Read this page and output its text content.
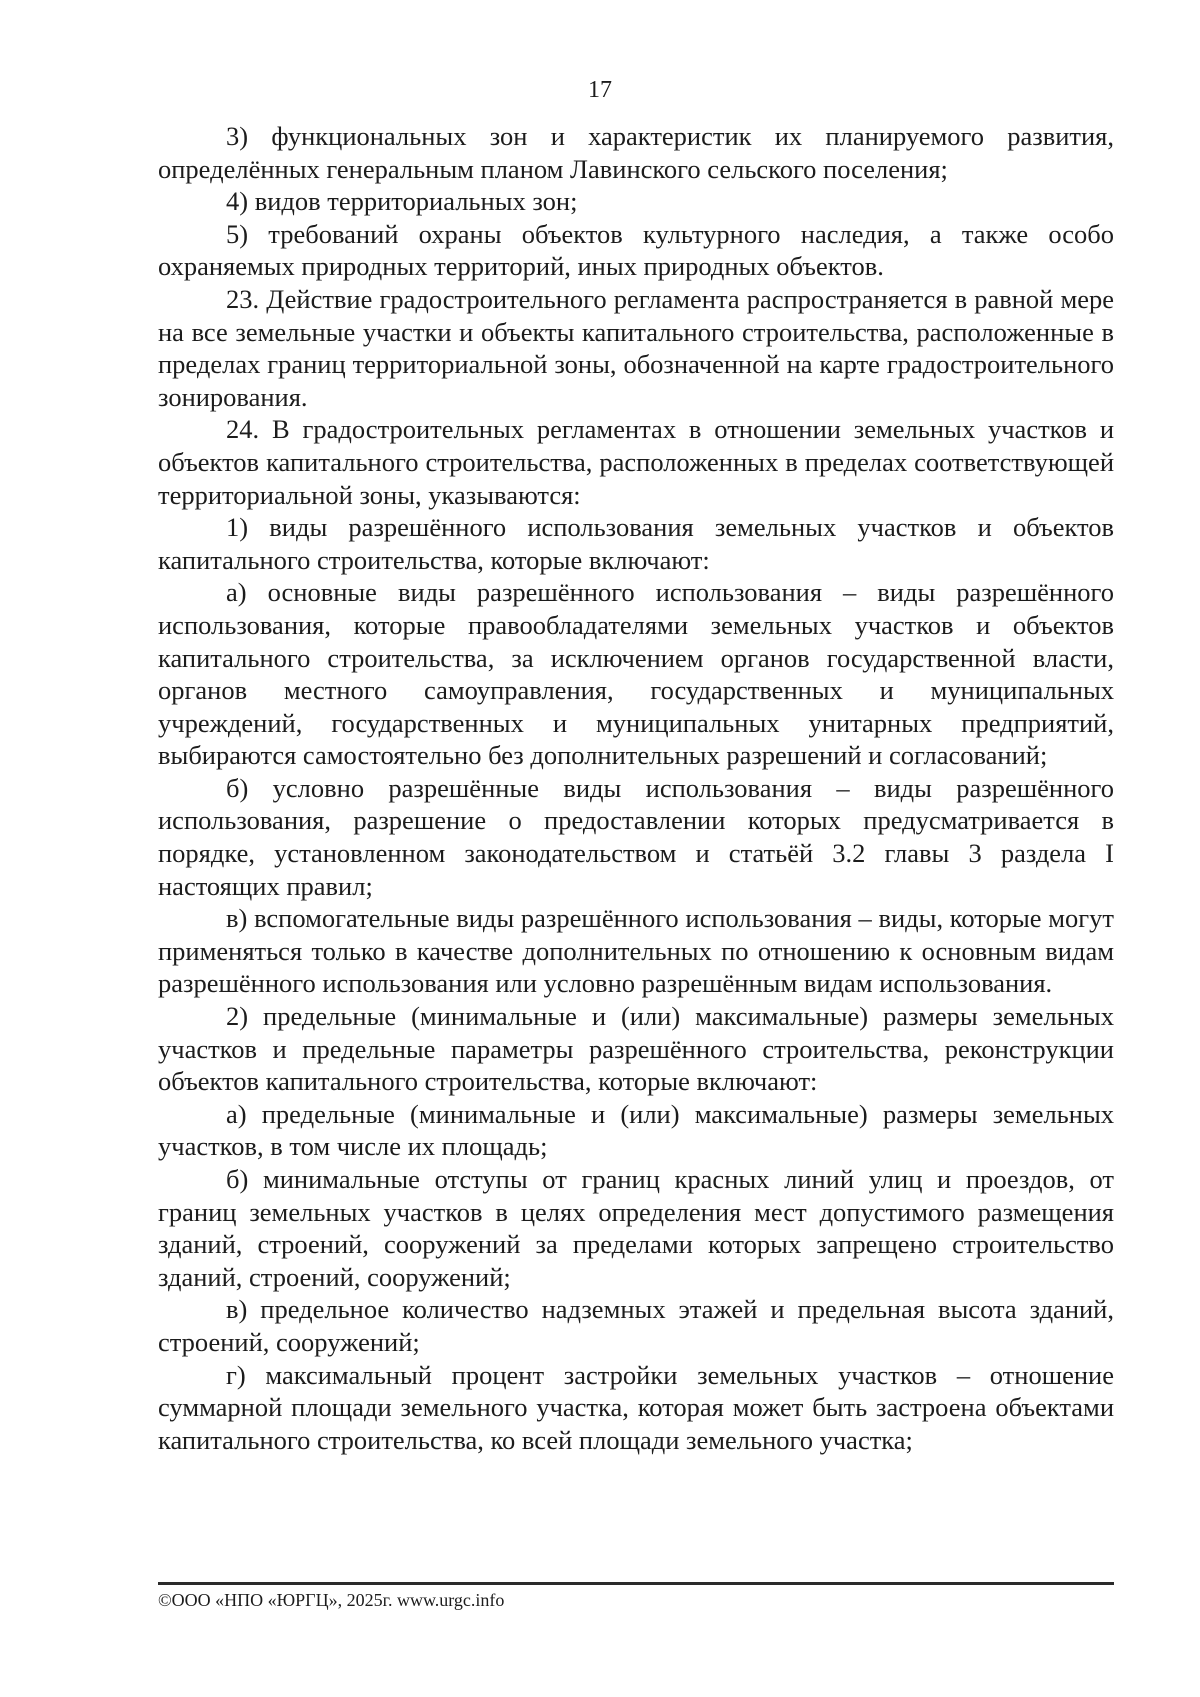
17

3) функциональных зон и характеристик их планируемого развития, определённых генеральным планом Лавинского сельского поселения;

4) видов территориальных зон;

5) требований охраны объектов культурного наследия, а также особо охраняемых природных территорий, иных природных объектов.

23. Действие градостроительного регламента распространяется в равной мере на все земельные участки и объекты капитального строительства, расположенные в пределах границ территориальной зоны, обозначенной на карте градостроительного зонирования.

24. В градостроительных регламентах в отношении земельных участков и объектов капитального строительства, расположенных в пределах соответствующей территориальной зоны, указываются:

1) виды разрешённого использования земельных участков и объектов капитального строительства, которые включают:

а) основные виды разрешённого использования – виды разрешённого использования, которые правообладателями земельных участков и объектов капитального строительства, за исключением органов государственной власти, органов местного самоуправления, государственных и муниципальных учреждений, государственных и муниципальных унитарных предприятий, выбираются самостоятельно без дополнительных разрешений и согласований;

б) условно разрешённые виды использования – виды разрешённого использования, разрешение о предоставлении которых предусматривается в порядке, установленном законодательством и статьёй 3.2 главы 3 раздела I настоящих правил;

в) вспомогательные виды разрешённого использования – виды, которые могут применяться только в качестве дополнительных по отношению к основным видам разрешённого использования или условно разрешённым видам использования.

2) предельные (минимальные и (или) максимальные) размеры земельных участков и предельные параметры разрешённого строительства, реконструкции объектов капитального строительства, которые включают:

а) предельные (минимальные и (или) максимальные) размеры земельных участков, в том числе их площадь;

б) минимальные отступы от границ красных линий улиц и проездов, от границ земельных участков в целях определения мест допустимого размещения зданий, строений, сооружений за пределами которых запрещено строительство зданий, строений, сооружений;

в) предельное количество надземных этажей и предельная высота зданий, строений, сооружений;

г) максимальный процент застройки земельных участков – отношение суммарной площади земельного участка, которая может быть застроена объектами капитального строительства, ко всей площади земельного участка;

©ООО «НПО «ЮРГЦ», 2025г. www.urgc.info
